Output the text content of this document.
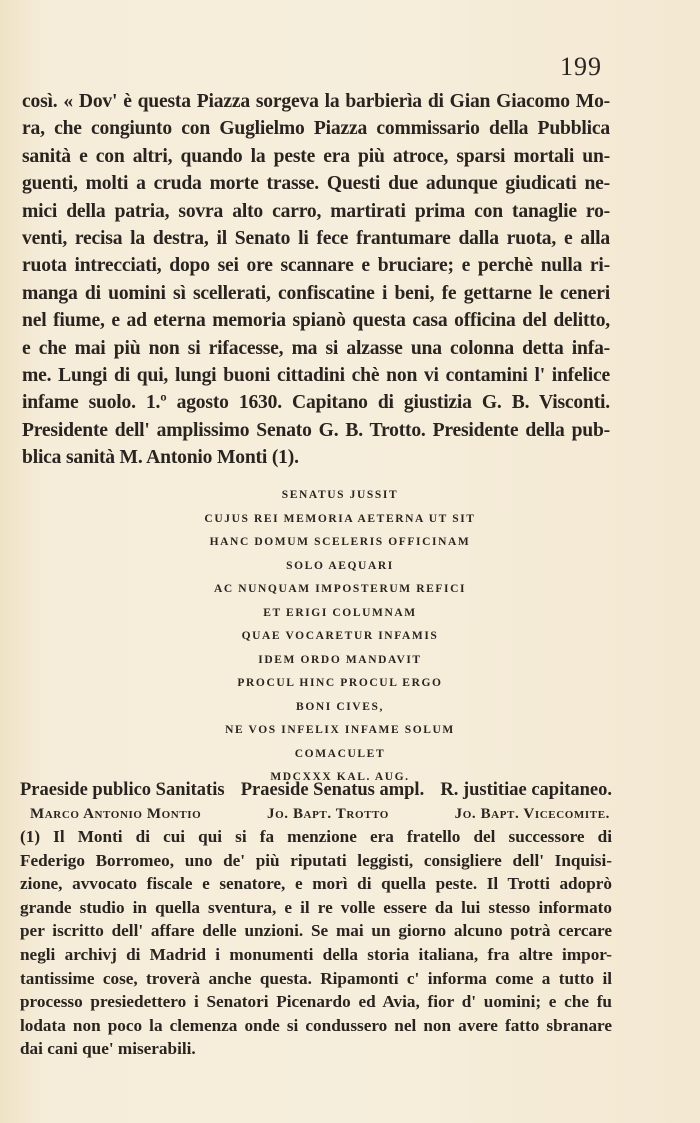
199
così. « Dov' è questa Piazza sorgeva la barbierìa di Gian Giacomo Mo-
ra, che congiunto con Guglielmo Piazza commissario della Pubblica
sanità e con altri, quando la peste era più atroce, sparsi mortali un-
guenti, molti a cruda morte trasse. Questi due adunque giudicati ne-
mici della patria, sovra alto carro, martirati prima con tanaglie ro-
venti, recisa la destra, il Senato li fece frantumare dalla ruota, e alla
ruota intrecciati, dopo sei ore scannare e bruciare; e perchè nulla ri-
manga di uomini sì scellerati, confiscatine i beni, fe gettarne le ceneri
nel fiume, e ad eterna memoria spianò questa casa officina del delitto,
e che mai più non si rifacesse, ma si alzasse una colonna detta infa-
me. Lungi di qui, lungi buoni cittadini chè non vi contamini l' infelice
infame suolo. 1.º agosto 1630. Capitano di giustizia G. B. Visconti.
Presidente dell' amplissimo Senato G. B. Trotto. Presidente della pub-
blica sanità M. Antonio Monti (1).
SENATUS JUSSIT
CUJUS REI MEMORIA AETERNA UT SIT
HANC DOMUM SCELERIS OFFICINAM
SOLO AEQUARI
AC NUNQUAM IMPOSTERUM REFICI
ET ERIGI COLUMNAM
QUAE VOCARETUR INFAMIS
IDEM ORDO MANDAVIT
PROCUL HINC PROCUL ERGO
BONI CIVES,
NE VOS INFELIX INFAME SOLUM
COMACULET
MDCXXX KAL. AUG.
Praeside publico Sanitatis Praeside Senatus ampl. R. justitiae capitaneo.
Marco Antonio Montio	Jo. Bapt. Trotto	Jo. Bapt. Vicecomite.
(1) Il Monti di cui qui si fa menzione era fratello del successore di
Federigo Borromeo, uno de' più riputati leggisti, consigliere dell' Inquisi-
zione, avvocato fiscale e senatore, e morì di quella peste. Il Trotti adoprò
grande studio in quella sventura, e il re volle essere da lui stesso informato
per iscritto dell' affare delle unzioni. Se mai un giorno alcuno potrà cercare
negli archivj di Madrid i monumenti della storia italiana, fra altre impor-
tantissime cose, troverà anche questa. Ripamonti c' informa come a tutto il
processo presiedettero i Senatori Picenardo ed Avia, fior d' uomini; e che fu
lodata non poco la clemenza onde si condussero nel non avere fatto sbranare
dai cani que' miserabili.
